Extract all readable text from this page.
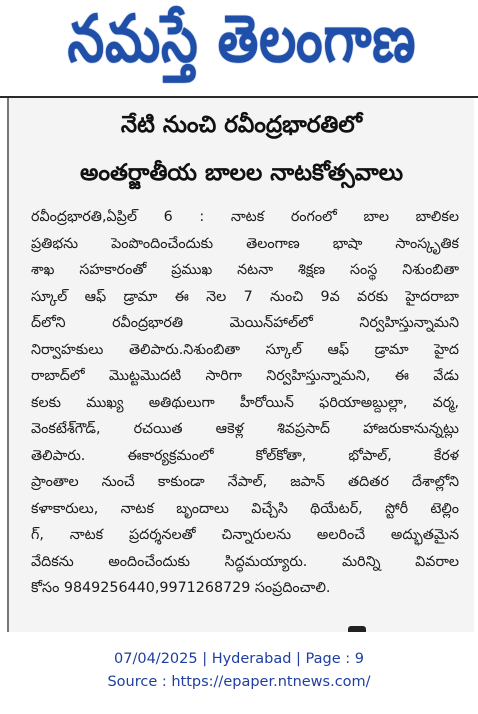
నమస్తే తెలంగాణ
నేటి నుంచి రవీంద్రభారతిలో
అంతర్జాతీయ బాలల నాటకోత్సవాలు
రవీంద్రభారతి,ఏప్రిల్ 6 : నాటక రంగంలో బాల బాలికల
ప్రతిభను పెంపొందించేందుకు తెలంగాణ భాషా సాంస్కృతిక
శాఖ సహకారంతో ప్రముఖ నటనా శిక్షణ సంస్థ నిశుంబితా
స్కూల్ ఆఫ్ డ్రామా ఈ నెల 7 నుంచి 9వ వరకు హైదరాబా
ద్‌లోని రవీంద్రభారతి మెయిన్‌హాల్‌లో నిర్వహిస్తున్నామని
నిర్వాహకులు తెలిపారు.నిశుంబితా స్కూల్ ఆఫ్ డ్రామా హైద
రాబాద్‌లో మొట్టమొదటి సారిగా నిర్వహిస్తున్నామని, ఈ వేడు
కలకు ముఖ్య అతిథులుగా హీరోయిన్ ఫరియాఅబ్దుల్లా, వర్మ,
వెంకటేశ్‌గౌడ్, రచయిత ఆకెళ్ల శివప్రసాద్ హాజరుకానున్నట్లు
తెలిపారు. ఈకార్యక్రమంలో కోల్‌కోతా, భోపాల్, కేరళ
ప్రాంతాల నుంచే కాకుండా నేపాల్, జపాన్ తదితర దేశాల్లోని
కళాకారులు, నాటక బృందాలు విచ్చేసి థియేటర్, స్టోరీ టెల్లిం
గ్, నాటక ప్రదర్శనలతో చిన్నారులను అలరించే అద్భుతమైన
వేదికను అందించేందుకు సిద్ధమయ్యారు. మరిన్ని వివరాల
కోసం 9849256440,9971268729 సంప్రదించాలి.
07/04/2025 | Hyderabad | Page : 9
Source : https://epaper.ntnews.com/
